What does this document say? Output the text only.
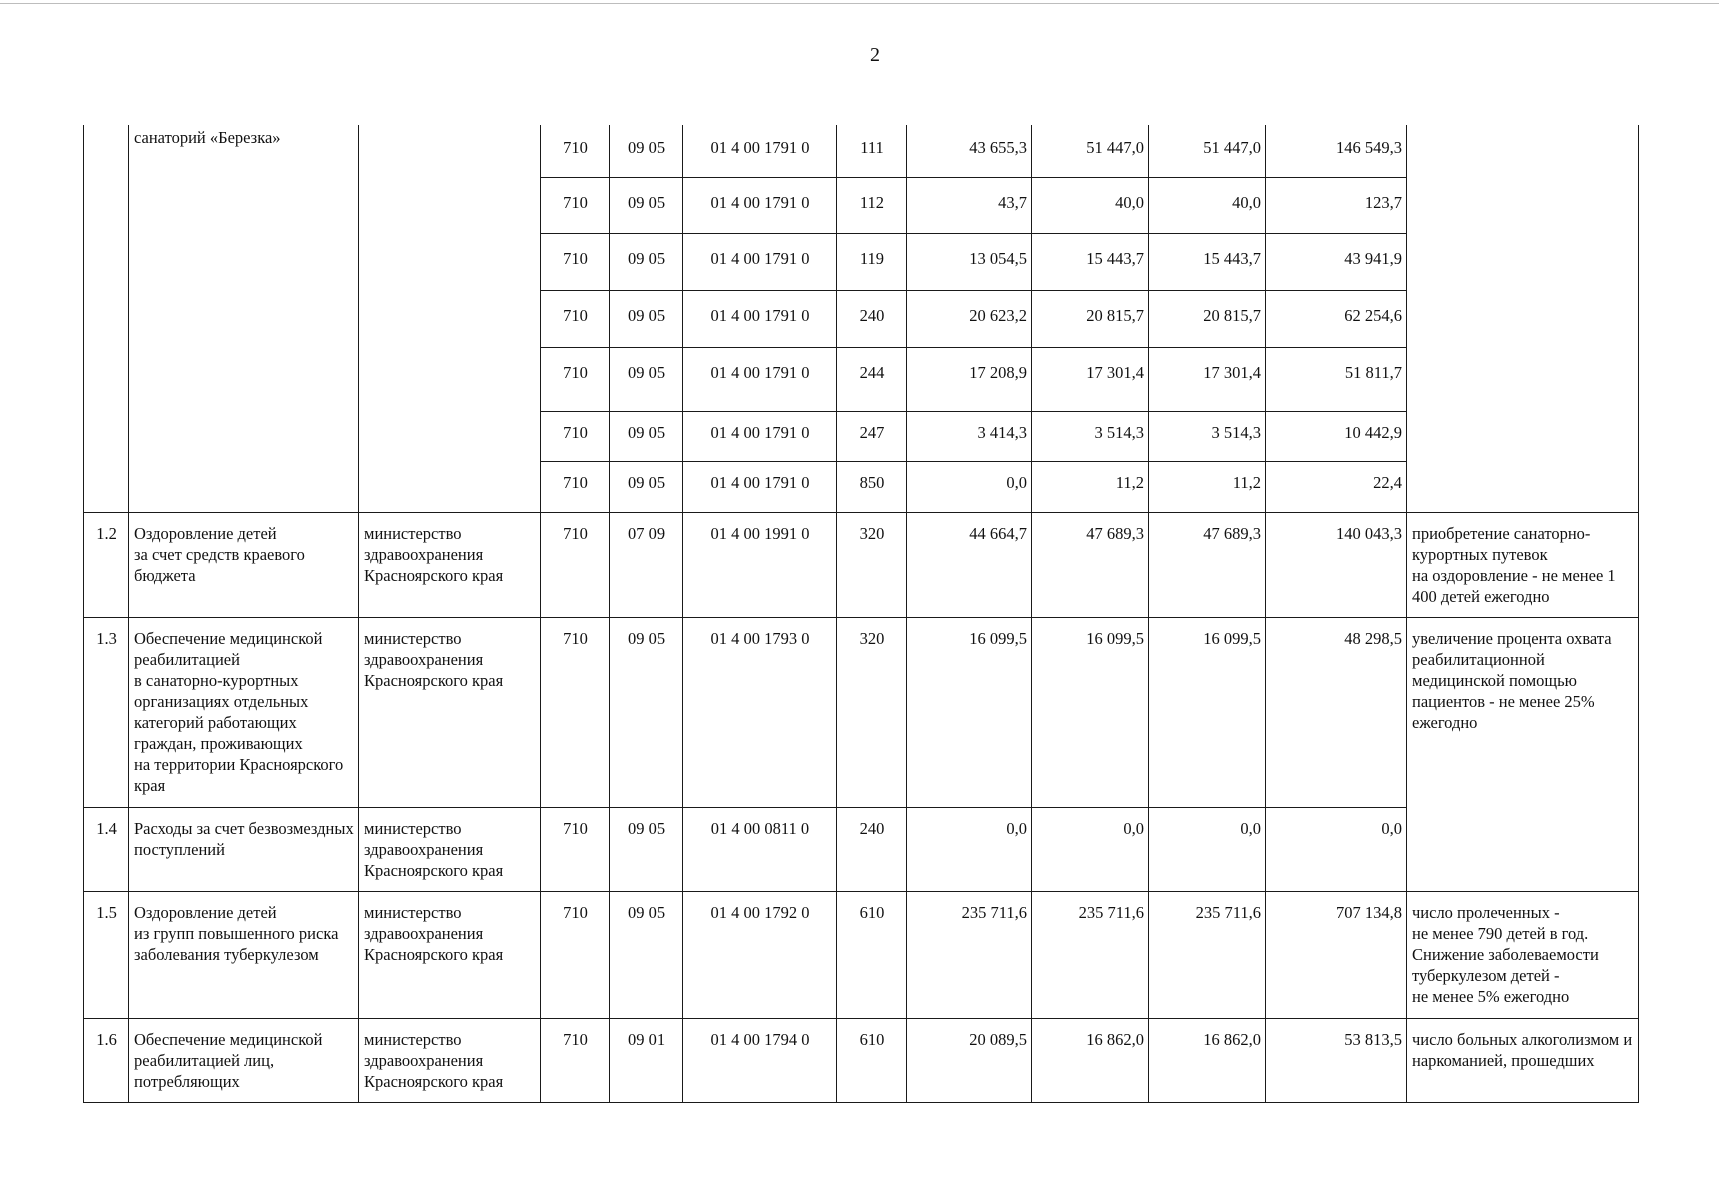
2
	санаторий «Березка»		710	09 05	01 4 00 1791 0	111	43 655,3	51 447,0	51 447,0	146 549,3	
			710	09 05	01 4 00 1791 0	112	43,7	40,0	40,0	123,7	
			710	09 05	01 4 00 1791 0	119	13 054,5	15 443,7	15 443,7	43 941,9	
			710	09 05	01 4 00 1791 0	240	20 623,2	20 815,7	20 815,7	62 254,6	
			710	09 05	01 4 00 1791 0	244	17 208,9	17 301,4	17 301,4	51 811,7	
			710	09 05	01 4 00 1791 0	247	3 414,3	3 514,3	3 514,3	10 442,9	
			710	09 05	01 4 00 1791 0	850	0,0	11,2	11,2	22,4	
1.2	Оздоровление детей
за счет средств краевого бюджета	министерство здравоохранения Красноярского края	710	07 09	01 4 00 1991 0	320	44 664,7	47 689,3	47 689,3	140 043,3	приобретение санаторно-курортных путевок
на оздоровление - не менее 1 400 детей ежегодно
1.3	Обеспечение медицинской реабилитацией
в санаторно-курортных организациях отдельных категорий работающих граждан, проживающих
на территории Красноярского края	министерство здравоохранения Красноярского края	710	09 05	01 4 00 1793 0	320	16 099,5	16 099,5	16 099,5	48 298,5	увеличение процента охвата реабилитационной медицинской помощью пациентов - не менее 25% ежегодно
1.4	Расходы за счет безвозмездных поступлений	министерство здравоохранения Красноярского края	710	09 05	01 4 00 0811 0	240	0,0	0,0	0,0	0,0	
1.5	Оздоровление детей
из групп повышенного риска заболевания туберкулезом	министерство здравоохранения Красноярского края	710	09 05	01 4 00 1792 0	610	235 711,6	235 711,6	235 711,6	707 134,8	число пролеченных -
не менее 790 детей в год. Снижение заболеваемости туберкулезом детей -
не менее 5% ежегодно
1.6	Обеспечение медицинской реабилитацией лиц, потребляющих	министерство здравоохранения Красноярского края	710	09 01	01 4 00 1794 0	610	20 089,5	16 862,0	16 862,0	53 813,5	число больных алкоголизмом и наркоманией, прошедших
